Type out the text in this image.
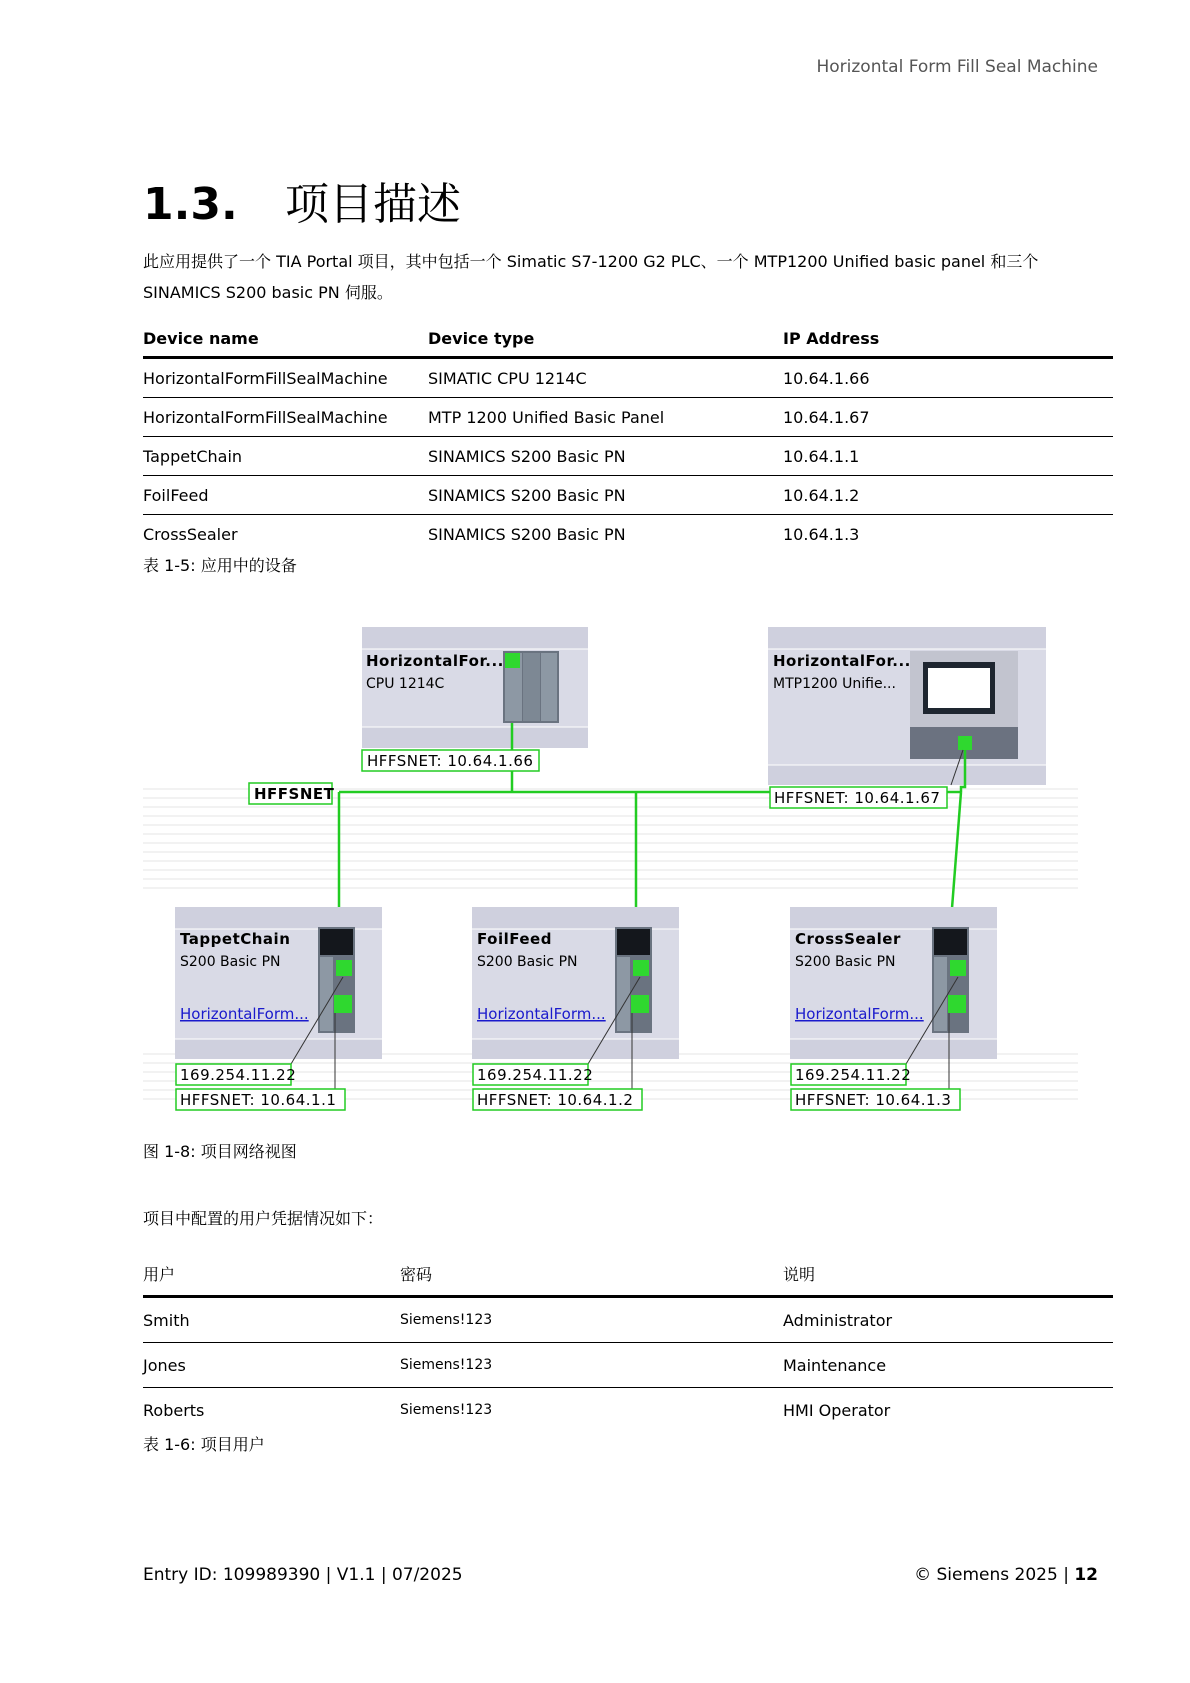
Horizontal Form Fill Seal Machine
1.3. 项目描述
此应用提供了一个 TIA Portal 项目，其中包括一个 Simatic S7-1200 G2 PLC、一个 MTP1200 Unified basic panel 和三个 SINAMICS S200 basic PN 伺服。
Device name	Device type	IP Address
HorizontalFormFillSealMachine	SIMATIC CPU 1214C	10.64.1.66
HorizontalFormFillSealMachine	MTP 1200 Unified Basic Panel	10.64.1.67
TappetChain	SINAMICS S200 Basic PN	10.64.1.1
FoilFeed	SINAMICS S200 Basic PN	10.64.1.2
CrossSealer	SINAMICS S200 Basic PN	10.64.1.3
表 1-5: 应用中的设备
HorizontalFor...
CPU 1214C
HorizontalFor...
MTP1200 Unifie...
HFFSNET
HFFSNET: 10.64.1.66
HFFSNET: 10.64.1.67
TappetChain
S200 Basic PN
HorizontalForm...
169.254.11.22
HFFSNET: 10.64.1.1
FoilFeed
S200 Basic PN
HorizontalForm...
169.254.11.22
HFFSNET: 10.64.1.2
CrossSealer
S200 Basic PN
HorizontalForm...
169.254.11.22
HFFSNET: 10.64.1.3
图 1-8: 项目网络视图
项目中配置的用户凭据情况如下：
用户	密码	说明
Smith	Siemens!123	Administrator
Jones	Siemens!123	Maintenance
Roberts	Siemens!123	HMI Operator
表 1-6: 项目用户
Entry ID: 109989390 | V1.1 | 07/2025	© Siemens 2025 | 12
